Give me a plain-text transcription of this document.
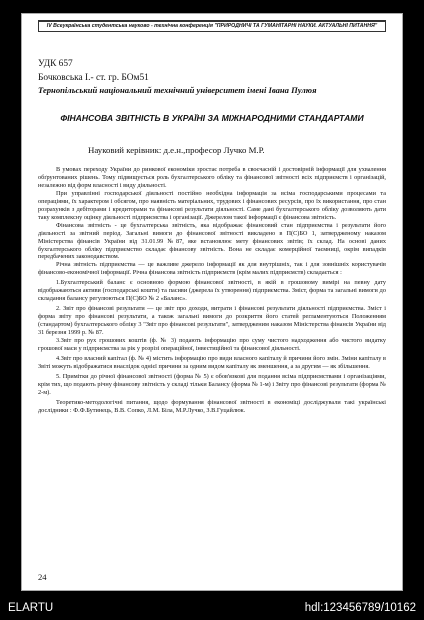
IV Всеукраїнська студентська науково - технічна конференція "ПРИРОДНИЧІ ТА ГУМАНІТАРНІ НАУКИ. АКТУАЛЬНІ ПИТАННЯ"
УДК 657
Бочковська І.- ст. гр. БОм51
Тернопільський національний технічний університет імені Івана Пулюя
ФІНАНСОВА ЗВІТНІСТЬ В УКРАЇНІ ЗА МІЖНАРОДНИМИ СТАНДАРТАМИ
Науковий керівник: д.е.н.,професор Лучко М.Р.

В умовах переходу України до ринкової економіки зростає потреба в своєчасній і достовірній інформації для ухвалення обґрунтованих рішень. Тому підвищується роль бухгалтерського обліку та фінансової звітності всіх підприємств і організацій, незалежно від форм власності і виду діяльності.

При управлінні господарської діяльності постійно необхідна інформація за всіма господарськими процесами та операціями, їх характером і обсягом, про наявність матеріальних, трудових і фінансових ресурсів, про їх використання, про стан розрахунків з дебіторами і кредиторами та фінансові результати діяльності. Саме дані бухгалтерського обліку дозволяють дати таку комплексну оцінку діяльності підприємства і організації. Джерелом такої інформації є фінансова звітність.

Фінансова звітність - це бухгалтерська звітність, яка відображає фінансовий стан підприємства і результати його діяльності за звітний період. Загальні вимоги до фінансової звітності викладено в П(С)БО 1, затвердженому наказом Міністерства фінансів України від 31.01.99 №87, яке встановлює мету фінансових звітів; їх склад. На основі даних бухгалтерського обліку підприємство складає фінансову звітність. Вона не складає комерційної таємниці, окрім випадків передбачених законодавством.

Річна звітність підприємства — це важливе джерело інформації як для внутрішніх, так і для зовнішніх користувачів фінансово-економічної інформації. Річна фінансова звітність підприємств (крім малих підприємств) складається :

1.Бухгалтерський баланс є основною формою фінансової звітності, в якій в грошовому вимірі на певну дату відображаються активи (господарські кошти) та пасиви (джерела їх утворення) підприємства. Зміст, форма та загальні вимоги до складання балансу регулюються П(С)БО № 2 «Баланс».

2. Звіт про фінансові результати — це звіт про доходи, витрати і фінансові результати діяльності підприємства. Зміст і форма звіту про фінансові результати, а також загальні вимоги до розкриття його статей регламентуються Положенням (стандартом) бухгалтерського обліку 3 "Звіт про фінансові результати", затвердженим наказом Міністерства фінансів України від 31 березня 1999 р. № 87.

3.Звіт про рух грошових коштів (ф. № 3) подають інформацію про суму чистого надходження або чистого видатку грошової маси у підприємства за рік у розрізі операційної, інвестиційної та фінансової діяльності.

4.Звіт про власний капітал (ф. № 4) містить інформацію про види власного капіталу й причини його змін. Зміни капіталу в Звіті можуть відображатися внаслідок однієї причини за одним видом капіталу як зменшення, а за другим — як збільшення.

5. Примітки до річної фінансової звітності (форма № 5) є обов'язкові для подання всіма підприємствами і організаціями, крім тих, що подають річну фінансову звітність у складі тільки Балансу (форма № 1-м) і Звіту про фінансові результати (форма № 2-м).

Теоретико-методологічні питання, щодо формування фінансової звітності в економіці досліджували такі українські дослідники : Ф.Ф.Бутинець, В.В. Сопко, Л.М. Біла, М.Р.Лучко, З.В.Гуцайлюк.

24
ELARTU	hdl:123456789/10162
